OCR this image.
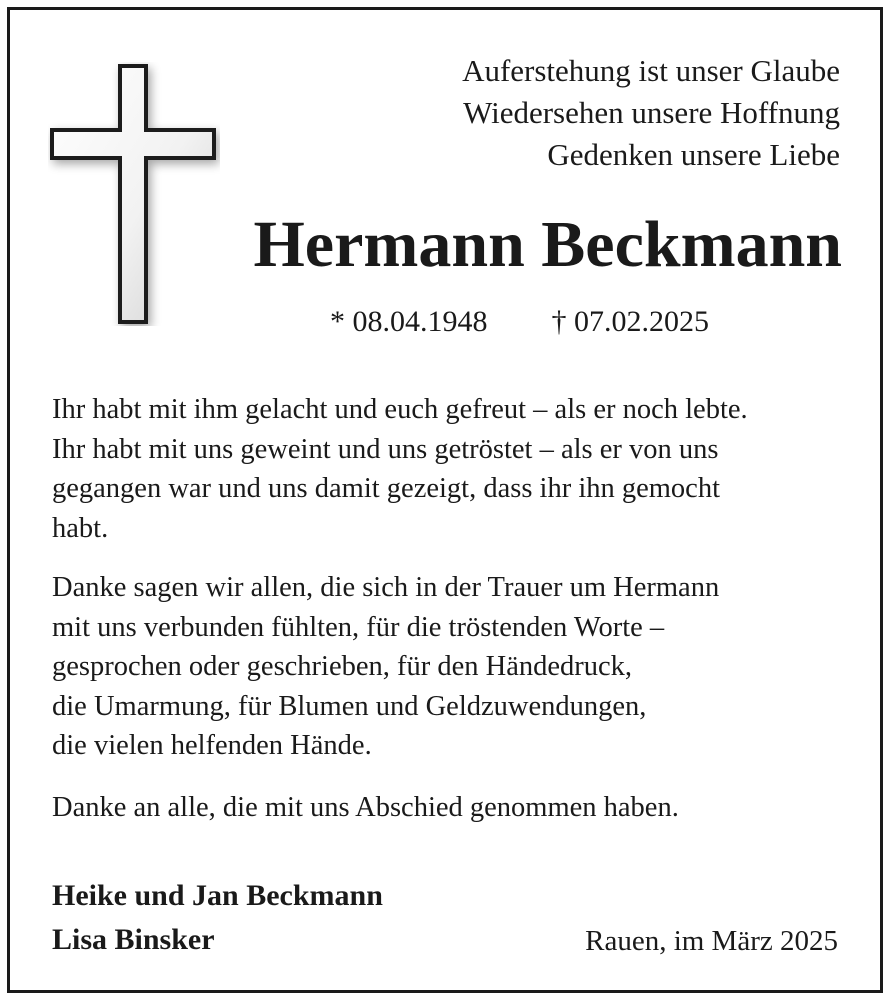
Auferstehung ist unser Glaube
Wiedersehen unsere Hoffnung
Gedenken unsere Liebe
Hermann Beckmann
* 08.04.1948 † 07.02.2025
Ihr habt mit ihm gelacht und euch gefreut – als er noch lebte.
Ihr habt mit uns geweint und uns getröstet – als er von uns
gegangen war und uns damit gezeigt, dass ihr ihn gemocht
habt.
Danke sagen wir allen, die sich in der Trauer um Hermann
mit uns verbunden fühlten, für die tröstenden Worte –
gesprochen oder geschrieben, für den Händedruck,
die Umarmung, für Blumen und Geldzuwendungen,
die vielen helfenden Hände.
Danke an alle, die mit uns Abschied genommen haben.
Heike und Jan Beckmann
Lisa Binsker	Rauen, im März 2025
